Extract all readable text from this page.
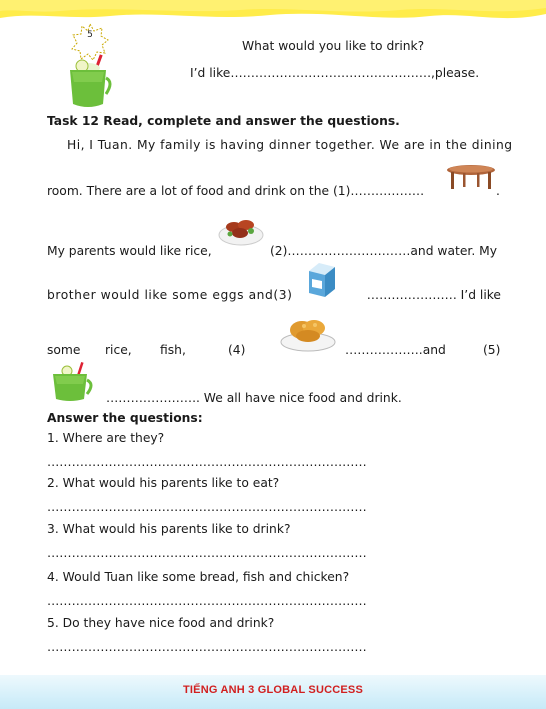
5
What would you like to drink?
I’d like………………………………………….,please.
Task 12 Read, complete and answer the questions.
Hi, I Tuan. My family is having dinner together. We are in the dining
room. There are a lot of food and drink on the (1)………………	.
My parents would like rice,	(2)…………………………and water. My
brother would like some eggs and(3)	…………………. I’d like
some rice, fish,	(4)	……………….and	(5)
………………….. We all have nice food and drink.
Answer the questions:
1. Where are they?
……………………………………………………………………
2. What would his parents like to eat?
……………………………………………………………………
3. What would his parents like to drink?
……………………………………………………………………
4. Would Tuan like some bread, fish and chicken?
……………………………………………………………………
5. Do they have nice food and drink?
……………………………………………………………………
TIẾNG ANH 3 GLOBAL SUCCESS
